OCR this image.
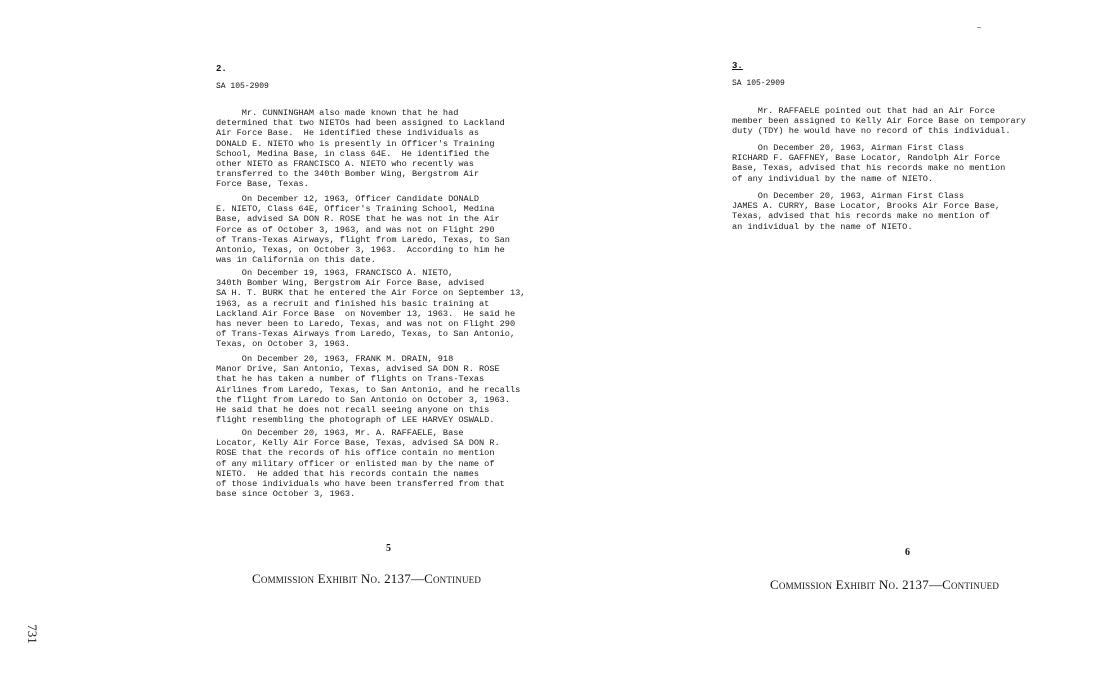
2.
SA 105-2909
Mr. CUNNINGHAM also made known that he had
determined that two NIETOs had been assigned to Lackland
Air Force Base.  He identified these individuals as
DONALD E. NIETO who is presently in Officer's Training
School, Medina Base, in class 64E.  He identified the
other NIETO as FRANCISCO A. NIETO who recently was
transferred to the 340th Bomber Wing, Bergstrom Air
Force Base, Texas.
On December 12, 1963, Officer Candidate DONALD
E. NIETO, Class 64E, Officer's Training School, Medina
Base, advised SA DON R. ROSE that he was not in the Air
Force as of October 3, 1963, and was not on Flight 290
of Trans-Texas Airways, flight from Laredo, Texas, to San
Antonio, Texas, on October 3, 1963.  According to him he
was in California on this date.
On December 19, 1963, FRANCISCO A. NIETO,
340th Bomber Wing, Bergstrom Air Force Base, advised
SA H. T. BURK that he entered the Air Force on September 13,
1963, as a recruit and finished his basic training at
Lackland Air Force Base  on November 13, 1963.  He said he
has never been to Laredo, Texas, and was not on Flight 290
of Trans-Texas Airways from Laredo, Texas, to San Antonio,
Texas, on October 3, 1963.
On December 20, 1963, FRANK M. DRAIN, 918
Manor Drive, San Antonio, Texas, advised SA DON R. ROSE
that he has taken a number of flights on Trans-Texas
Airlines from Laredo, Texas, to San Antonio, and he recalls
the flight from Laredo to San Antonio on October 3, 1963.
He said that he does not recall seeing anyone on this
flight resembling the photograph of LEE HARVEY OSWALD.
On December 20, 1963, Mr. A. RAFFAELE, Base
Locator, Kelly Air Force Base, Texas, advised SA DON R.
ROSE that the records of his office contain no mention
of any military officer or enlisted man by the name of
NIETO.  He added that his records contain the names
of those individuals who have been transferred from that
base since October 3, 1963.
5
Commission Exhibit No. 2137—Continued
3.
SA 105-2909
Mr. RAFFAELE pointed out that had an Air Force
member been assigned to Kelly Air Force Base on temporary
duty (TDY) he would have no record of this individual.
On December 20, 1963, Airman First Class
RICHARD F. GAFFNEY, Base Locator, Randolph Air Force
Base, Texas, advised that his records make no mention
of any individual by the name of NIETO.
On December 20, 1963, Airman First Class
JAMES A. CURRY, Base Locator, Brooks Air Force Base,
Texas, advised that his records make no mention of
an individual by the name of NIETO.
6
Commission Exhibit No. 2137—Continued
731
